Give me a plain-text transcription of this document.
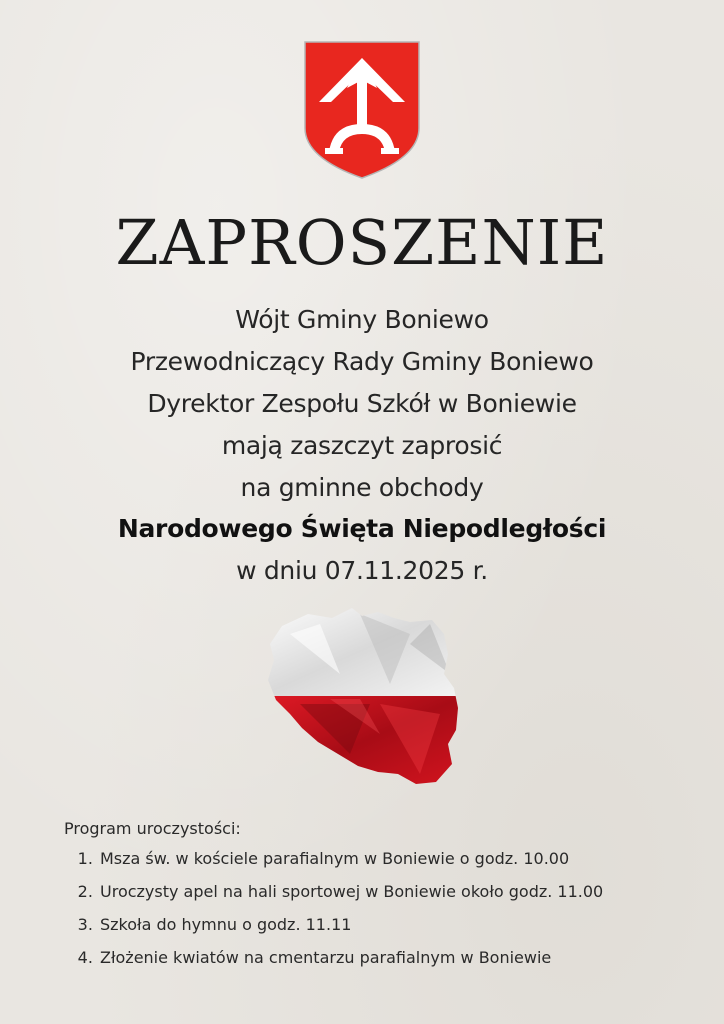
ZAPROSZENIE
Wójt Gminy Boniewo
Przewodniczący Rady Gminy Boniewo
Dyrektor Zespołu Szkół w Boniewie
mają zaszczyt zaprosić
na gminne obchody
Narodowego Święta Niepodległości
w dniu 07.11.2025 r.
Program uroczystości:
1. Msza św. w kościele parafialnym w Boniewie o godz. 10.00
2. Uroczysty apel na hali sportowej w Boniewie około godz. 11.00
3. Szkoła do hymnu o godz. 11.11
4. Złożenie kwiatów na cmentarzu parafialnym w Boniewie
